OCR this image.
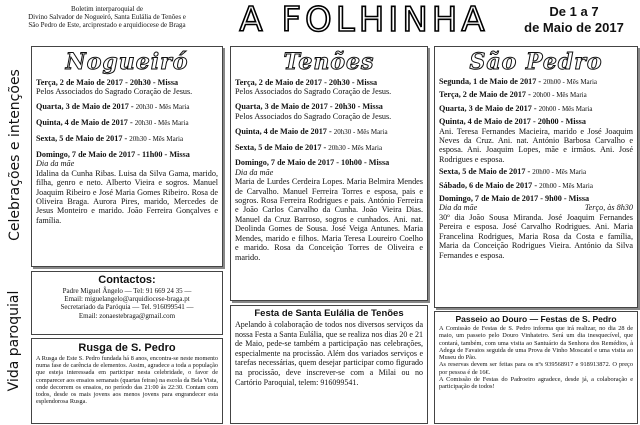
Boletim interparoquial de
Divino Salvador de Nogueiró, Santa Eulália de Tenões e
São Pedro de Este, arciprestado e arquidiocese de Braga	A FOLHINHA	De 1 a 7
de Maio de 2017
Celebrações e intenções
Vida paroquial
Nogueiró
Terça, 2 de Maio de 2017 - 20h30 - Missa

Pelos Associados do Sagrado Coração de Jesus.

Quarta, 3 de Maio de 2017 - 20h30 - Mês Maria
Quinta, 4 de Maio de 2017 - 20h30 - Mês Maria
Sexta, 5 de Maio de 2017 - 20h30 - Mês Maria
Domingo, 7 de Maio de 2017 - 11h00 - Missa
Dia da mãe

Idalina da Cunha Ribas. Luisa da Silva Gama, marido, filha, genro e neto. Alberto Vieira e sogros. Manuel Joaquim Ribeiro e José Maria Gomes Ribeiro. Rosa de Oliveira Braga. Aurora Pires, marido, Mercedes de Jesus Monteiro e marido. João Ferreira Gonçalves e família.

Contactos:
Padre Miguel Ângelo — Tel: 91 669 24 35 —
Email: miguelangelo@arquidiocese-braga.pt
Secretariado da Paróquia — Tel. 916099541 —
Email: zonaestebraga@gmail.com
Rusga de S. Pedro
A Rusga de Este S. Pedro fundada há 8 anos, encontra-se neste momento numa fase de carência de elementos. Assim, agradece a toda a população que esteja interessada em participar nesta celebridade, o favor de comparecer aos ensaios semanais (quartas feiras) na escola da Bela Vista, onde decorrem os ensaios, no período das 21:00 às 22:30. Contam com todos, desde os mais jovens aos menos jovens para engrandecer esta esplendorosa Rusga.
Tenões
Terça, 2 de Maio de 2017 - 20h30 - Missa

Pelos Associados do Sagrado Coração de Jesus.

Quarta, 3 de Maio de 2017 - 20h30 - Missa

Pelos Associados do Sagrado Coração de Jesus.

Quinta, 4 de Maio de 2017 - 20h30 - Mês Maria
Sexta, 5 de Maio de 2017 - 20h30 - Mês Maria
Domingo, 7 de Maio de 2017 - 10h00 - Missa
Dia da mãe

Maria de Lurdes Cerdeira Lopes. Maria Belmira Mendes de Carvalho. Manuel Ferreira Torres e esposa, pais e sogros. Rosa Ferreira Rodrigues e pais. António Ferreira e João Carlos Carvalho da Cunha. João Vieira Dias. Manuel da Cruz Barroso, sogros e cunhados. Ani. nat. Deolinda Gomes de Sousa. José Veiga Antunes. Maria Mendes, marido e filhos. Maria Teresa Loureiro Coelho e marido. Rosa da Conceição Torres de Oliveira e marido.

Festa de Santa Eulália de Tenões
Apelando à colaboração de todos nos diversos serviços da nossa Festa a Santa Eulália, que se realiza nos dias 20 e 21 de Maio, pede-se também a participação nas celebrações, especialmente na procissão. Além dos variados serviços e tarefas necessárias, quem desejar participar como figurado na procissão, deve inscrever-se com a Milai ou no Cartório Paroquial, telem: 916099541.
São Pedro
Segunda, 1 de Maio de 2017 - 20h00 - Mês Maria
Terça, 2 de Maio de 2017 - 20h00 - Mês Maria
Quarta, 3 de Maio de 2017 - 20h00 - Mês Maria
Quinta, 4 de Maio de 2017 - 20h00 - Missa

Ani. Teresa Fernandes Macieira, marido e José Joaquim Neves da Cruz. Ani. nat. António Barbosa Carvalho e esposa. Ani. Joaquim Lopes, mãe e irmãos. Ani. José Rodrigues e esposa.

Sexta, 5 de Maio de 2017 - 20h00 - Mês Maria
Sábado, 6 de Maio de 2017 - 20h00 - Mês Maria
Domingo, 7 de Maio de 2017 - 9h00 - Missa
Dia da mãe	Terço, às 8h30

30º dia João Sousa Miranda. José Joaquim Fernandes Pereira e esposa. José Carvalho Rodrigues. Ani. Maria Francelina Rodrigues, Maria Rosa da Costa e família, Maria da Conceição Rodrigues Vieira. António da Silva Fernandes e esposa.

Passeio ao Douro — Festas de S. Pedro
A Comissão de Festas de S. Pedro informa que irá realizar, no dia 28 de maio, um passeio pelo Douro Vinhateiro. Será um dia inesquecível, que contará, também, com uma visita ao Santuário da Senhora dos Remédios, à Adega de Favaios seguida de uma Prova de Vinho Moscatel e uma visita ao Museu do Pão.
As reservas devem ser feitas para os nºs 939568917 e 918913872. O preço por pessoa é de 16€.
A Comissão de Festas do Padroeiro agradece, desde já, a colaboração e participação de todos!
